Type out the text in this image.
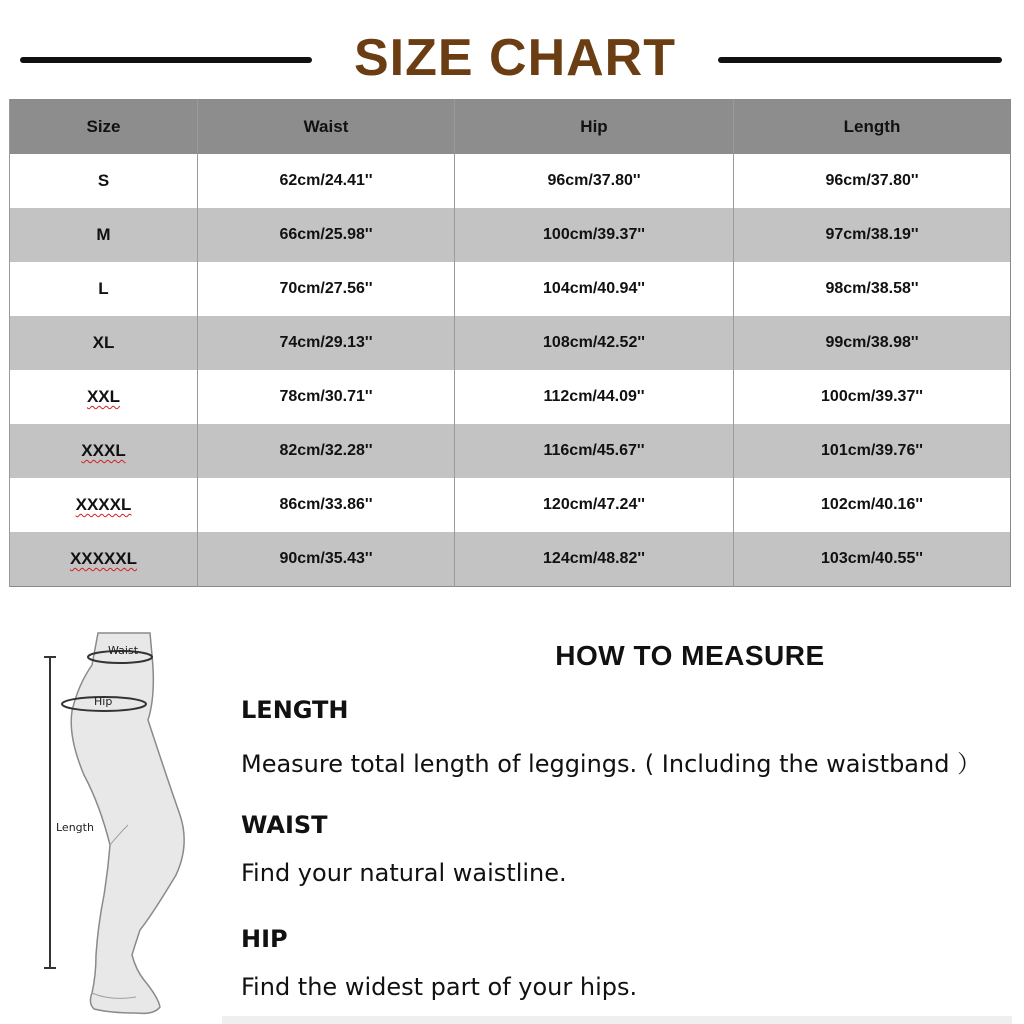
SIZE CHART
Size	Waist	Hip	Length
S	62cm/24.41''	96cm/37.80''	96cm/37.80''
M	66cm/25.98''	100cm/39.37''	97cm/38.19''
L	70cm/27.56''	104cm/40.94''	98cm/38.58''
XL	74cm/29.13''	108cm/42.52''	99cm/38.98''
XXL	78cm/30.71''	112cm/44.09''	100cm/39.37''
XXXL	82cm/32.28''	116cm/45.67''	101cm/39.76''
XXXXL	86cm/33.86''	120cm/47.24''	102cm/40.16''
XXXXXL	90cm/35.43''	124cm/48.82''	103cm/40.55''
Waist
Hip
Length
HOW TO MEASURE
LENGTH
Measure total length of leggings. ( Including the waistband ）
WAIST
Find your natural waistline.
HIP
Find the widest part of your hips.
